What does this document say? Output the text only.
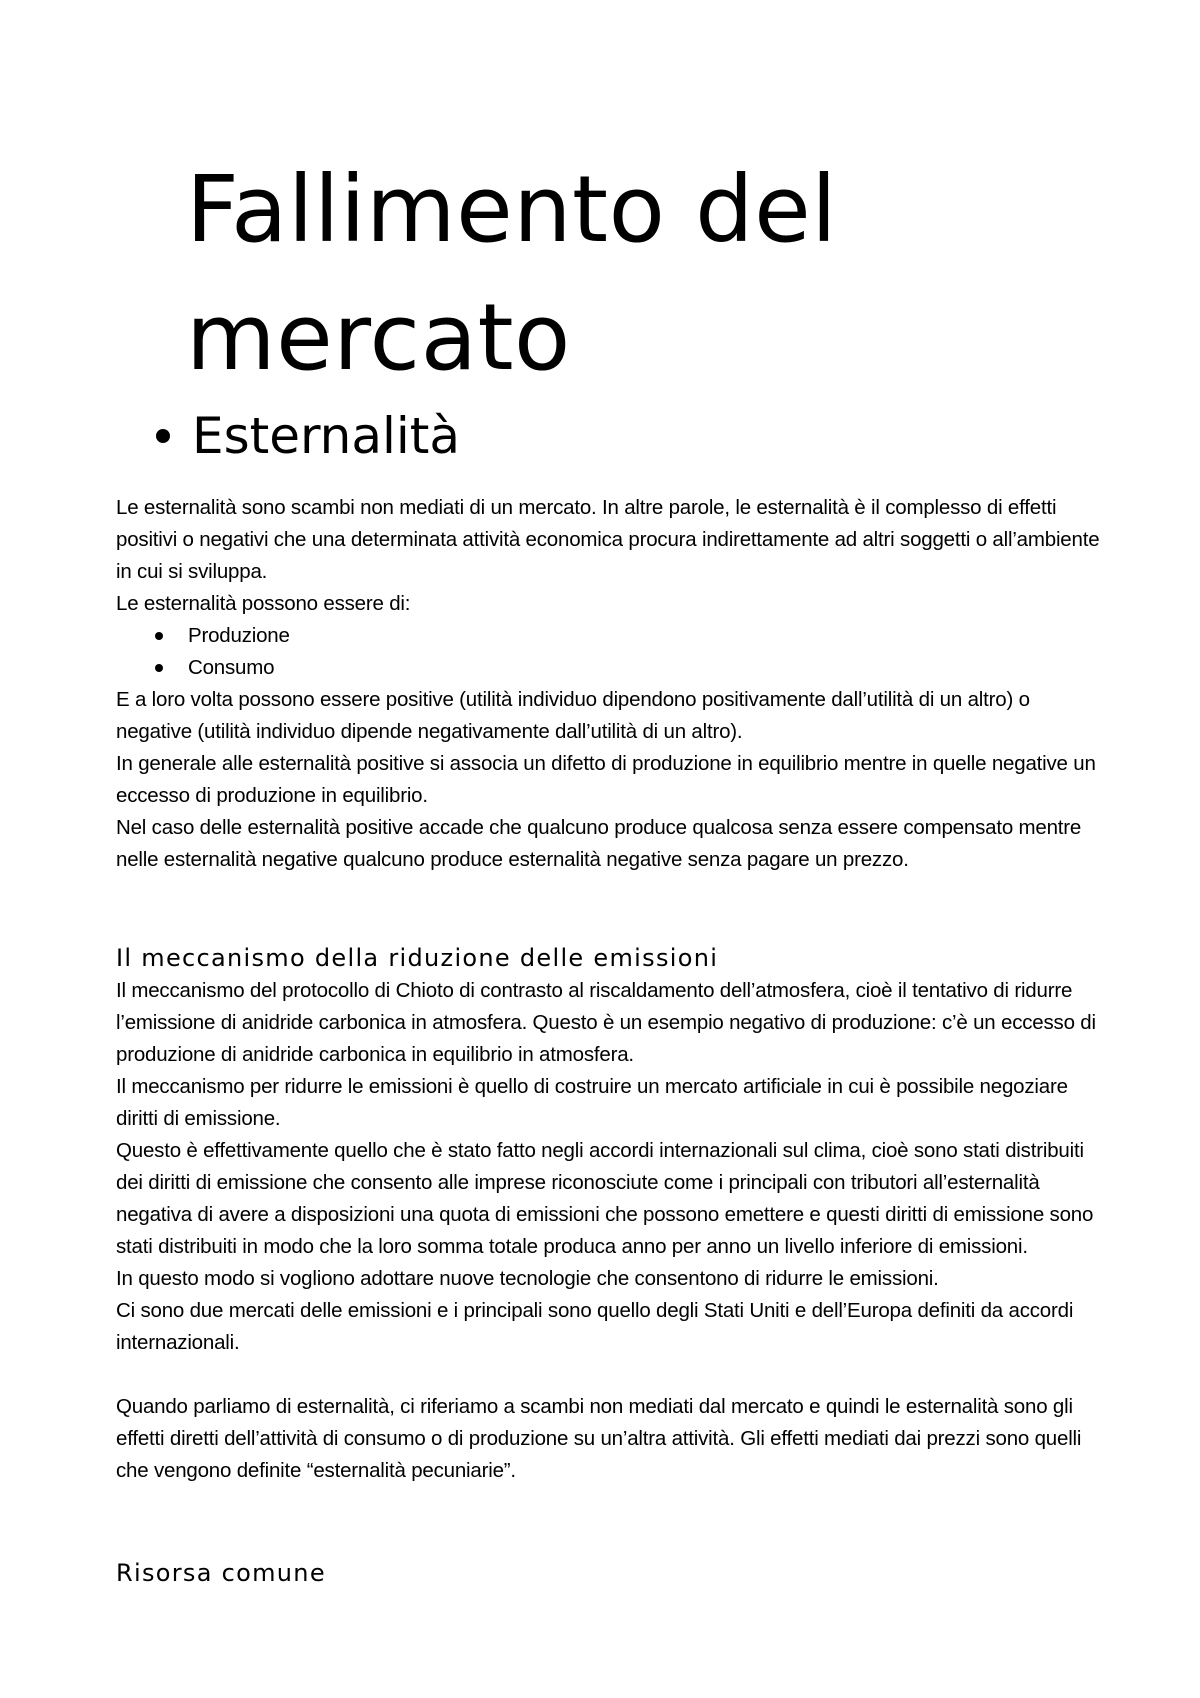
Fallimento del mercato
Esternalità

Le esternalità sono scambi non mediati di un mercato. In altre parole, le esternalità è il complesso di effetti positivi o negativi che una determinata attività economica procura indirettamente ad altri soggetti o all’ambiente in cui si sviluppa.

Le esternalità possono essere di:

Produzione
Consumo

E a loro volta possono essere positive (utilità individuo dipendono positivamente dall’utilità di un altro) o negative (utilità individuo dipende negativamente dall’utilità di un altro).

In generale alle esternalità positive si associa un difetto di produzione in equilibrio mentre in quelle negative un eccesso di produzione in equilibrio.

Nel caso delle esternalità positive accade che qualcuno produce qualcosa senza essere compensato mentre nelle esternalità negative qualcuno produce esternalità negative senza pagare un prezzo.

Il meccanismo della riduzione delle emissioni

Il meccanismo del protocollo di Chioto di contrasto al riscaldamento dell’atmosfera, cioè il tentativo di ridurre l’emissione di anidride carbonica in atmosfera. Questo è un esempio negativo di produzione: c’è un eccesso di produzione di anidride carbonica in equilibrio in atmosfera.

Il meccanismo per ridurre le emissioni è quello di costruire un mercato artificiale in cui è possibile negoziare diritti di emissione.

Questo è effettivamente quello che è stato fatto negli accordi internazionali sul clima, cioè sono stati distribuiti dei diritti di emissione che consento alle imprese riconosciute come i principali con tributori all’esternalità negativa di avere a disposizioni una quota di emissioni che possono emettere e questi diritti di emissione sono stati distribuiti in modo che la loro somma totale produca anno per anno un livello inferiore di emissioni.

In questo modo si vogliono adottare nuove tecnologie che consentono di ridurre le emissioni.

Ci sono due mercati delle emissioni e i principali sono quello degli Stati Uniti e dell’Europa definiti da accordi internazionali.

Quando parliamo di esternalità, ci riferiamo a scambi non mediati dal mercato e quindi le esternalità sono gli effetti diretti dell’attività di consumo o di produzione su un’altra attività. Gli effetti mediati dai prezzi sono quelli che vengono definite “esternalità pecuniarie”.

Risorsa comune
